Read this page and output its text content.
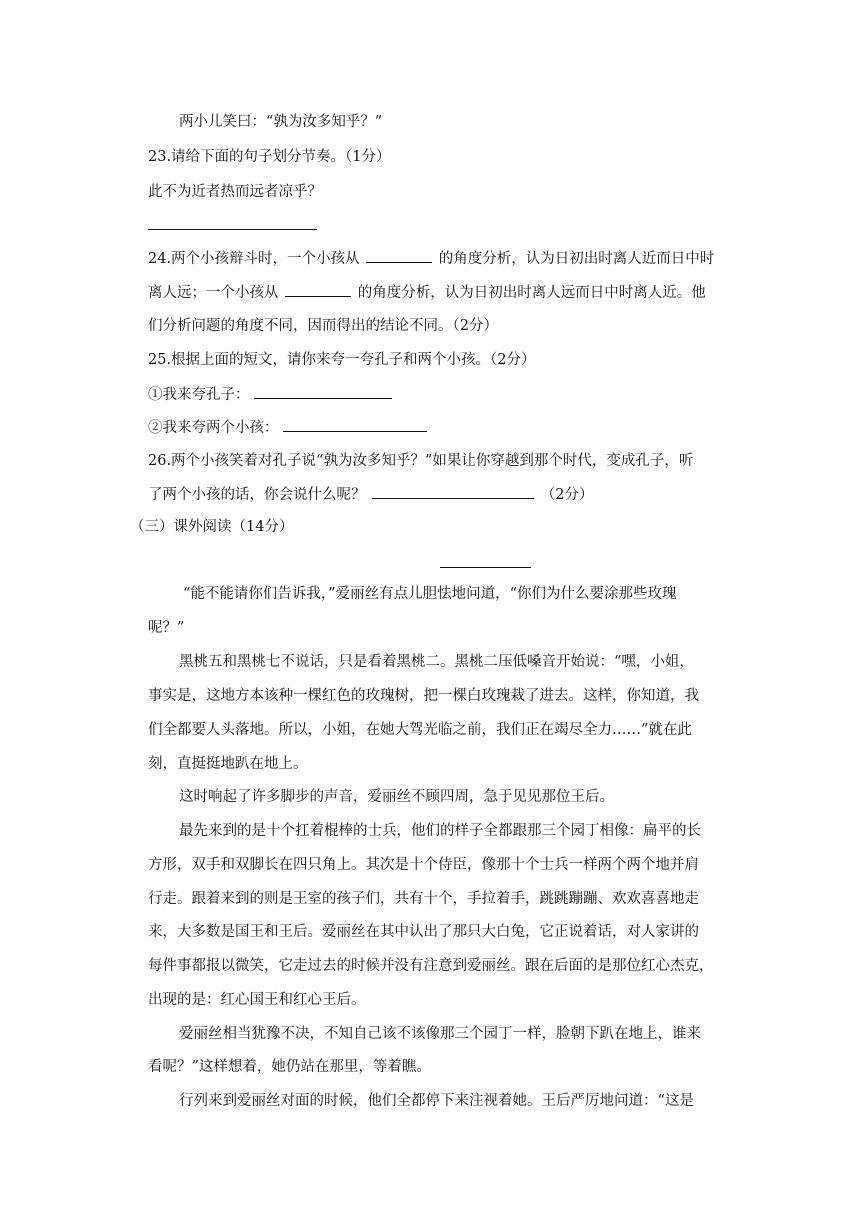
两小儿笑曰：“孰为汝多知乎？”
23.请给下面的句子划分节奏。（1分）
此不为近者热而远者凉乎？
24.两个小孩辩斗时，一个小孩从	的角度分析，认为日初出时离人近而日中时
离人远；一个小孩从	的角度分析，认为日初出时离人远而日中时离人近。他
们分析问题的角度不同，因而得出的结论不同。（2分）
25.根据上面的短文，请你来夸一夸孔子和两个小孩。（2分）
①我来夸孔子：
②我来夸两个小孩：
26.两个小孩笑着对孔子说“孰为汝多知乎？”如果让你穿越到那个时代，变成孔子，听
了两个小孩的话，你会说什么呢？	（2分）
（三）课外阅读（14分）
“能不能请你们告诉我，”爱丽丝有点儿胆怯地问道，“你们为什么要涂那些玫瑰
呢？”
黑桃五和黑桃七不说话，只是看着黑桃二。黑桃二压低嗓音开始说：“嘿，小姐，
事实是，这地方本该种一棵红色的玫瑰树，把一棵白玫瑰栽了进去。这样，你知道，我
们全都要人头落地。所以，小姐，在她大驾光临之前，我们正在竭尽全力……”就在此
刻，直挺挺地趴在地上。
这时响起了许多脚步的声音，爱丽丝不顾四周，急于见见那位王后。
最先来到的是十个扛着棍棒的士兵，他们的样子全都跟那三个园丁相像：扁平的长
方形，双手和双脚长在四只角上。其次是十个侍臣，像那十个士兵一样两个两个地并肩
行走。跟着来到的则是王室的孩子们，共有十个，手拉着手，跳跳蹦蹦、欢欢喜喜地走
来，大多数是国王和王后。爱丽丝在其中认出了那只大白兔，它正说着话，对人家讲的
每件事都报以微笑，它走过去的时候并没有注意到爱丽丝。跟在后面的是那位红心杰克，
出现的是：红心国王和红心王后。
爱丽丝相当犹豫不决，不知自己该不该像那三个园丁一样，脸朝下趴在地上，谁来
看呢？”这样想着，她仍站在那里，等着瞧。
行列来到爱丽丝对面的时候，他们全都停下来注视着她。王后严厉地问道：“这是
